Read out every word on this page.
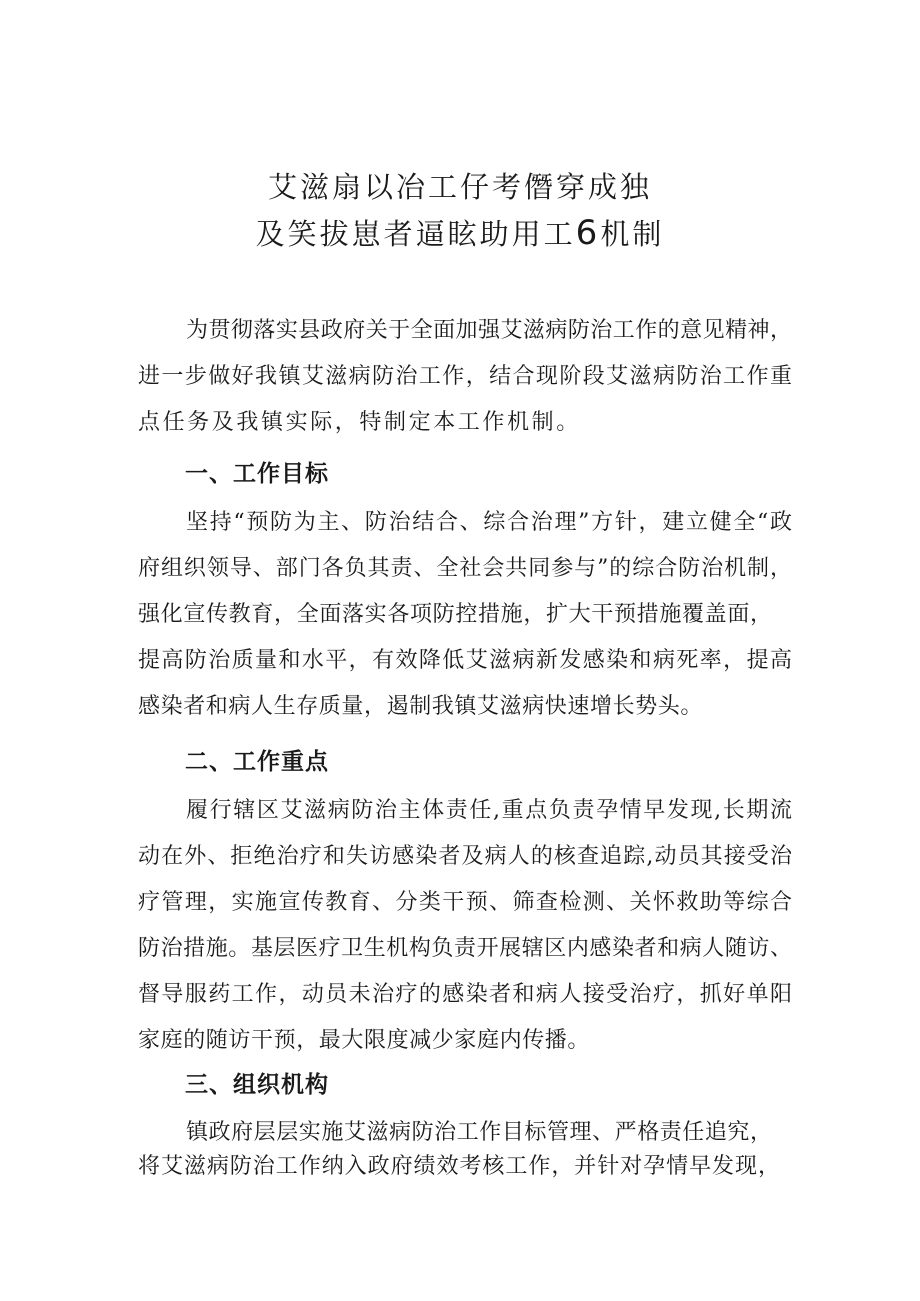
艾滋扇以冶工仔考僭穿成独
及笑拔崽者逼眩助用工6机制
为贯彻落实县政府关于全面加强艾滋病防治工作的意见精神，
进一步做好我镇艾滋病防治工作，结合现阶段艾滋病防治工作重
点任务及我镇实际，特制定本工作机制。
一、工作目标
坚持“预防为主、防治结合、综合治理”方针，建立健全“政
府组织领导、部门各负其责、全社会共同参与”的综合防治机制，
强化宣传教育，全面落实各项防控措施，扩大干预措施覆盖面，
提高防治质量和水平，有效降低艾滋病新发感染和病死率，提高
感染者和病人生存质量，遏制我镇艾滋病快速增长势头。
二、工作重点
履行辖区艾滋病防治主体责任,重点负责孕情早发现,长期流
动在外、拒绝治疗和失访感染者及病人的核查追踪,动员其接受治
疗管理，实施宣传教育、分类干预、筛查检测、关怀救助等综合
防治措施。基层医疗卫生机构负责开展辖区内感染者和病人随访、
督导服药工作，动员未治疗的感染者和病人接受治疗，抓好单阳
家庭的随访干预，最大限度减少家庭内传播。
三、组织机构
镇政府层层实施艾滋病防治工作目标管理、严格责任追究，
将艾滋病防治工作纳入政府绩效考核工作，并针对孕情早发现，
